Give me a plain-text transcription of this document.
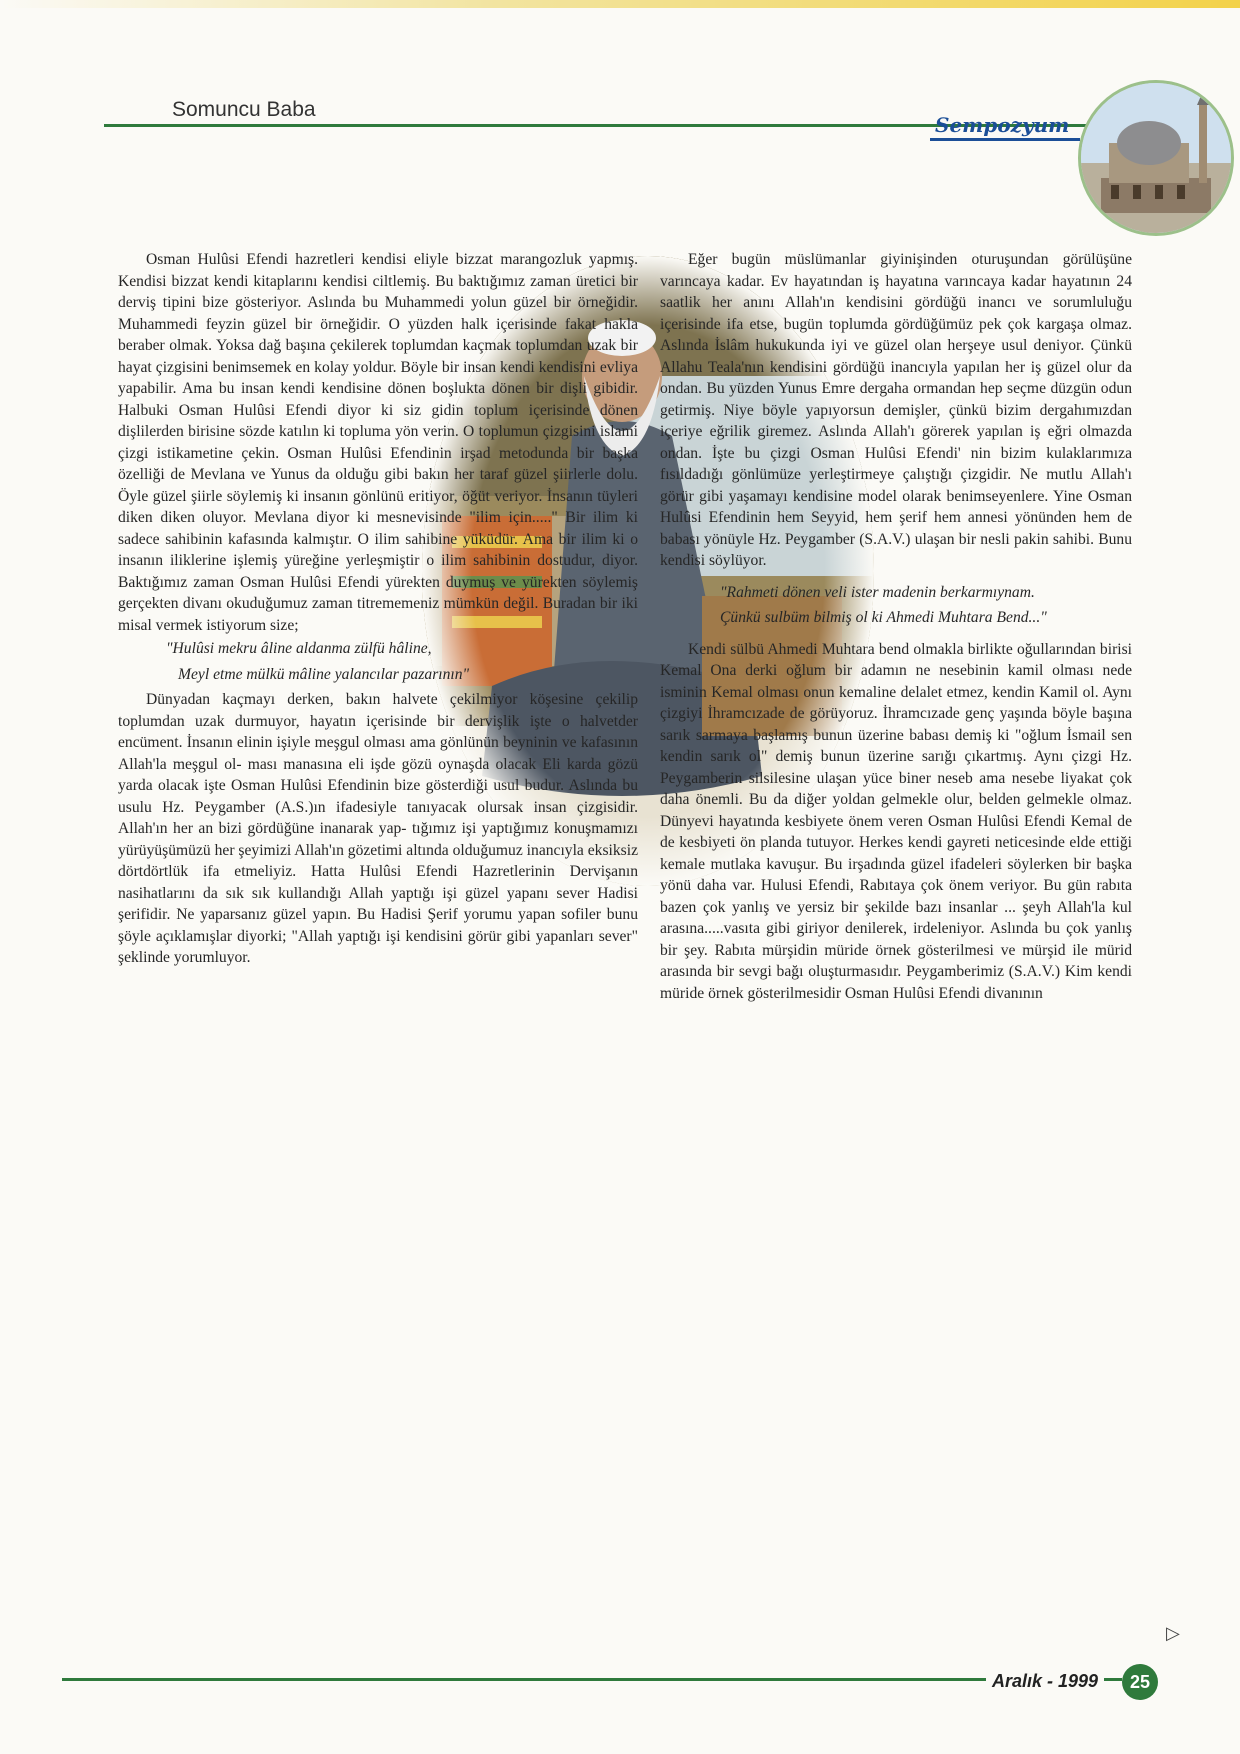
Somuncu Baba
Sempozyum

Osman Hulûsi Efendi hazretleri kendisi eliyle bizzat marangozluk yapmış. Kendisi bizzat kendi kitaplarını kendisi ciltlemiş. Bu baktığımız zaman üretici bir derviş tipini bize gösteriyor. Aslında bu Muhammedi yolun güzel bir örneğidir. Muhammedi feyzin güzel bir örneğidir. O yüzden halk içerisinde fakat hakla beraber olmak. Yoksa dağ başına çekilerek toplumdan kaçmak toplumdan uzak bir hayat çizgisini benimsemek en kolay yoldur. Böyle bir insan kendi kendisini evliya yapabilir. Ama bu insan kendi kendisine dönen boşlukta dönen bir dişli gibidir. Halbuki Osman Hulûsi Efendi diyor ki siz gidin toplum içerisinde dönen dişlilerden birisine sözde katılın ki topluma yön verin. O toplumun çizgisini islami çizgi istikametine çekin. Osman Hulûsi Efendinin irşad metodunda bir başka özelliği de Mevlana ve Yunus da olduğu gibi bakın her taraf güzel şiirlerle dolu. Öyle güzel şiirle söylemiş ki insanın gönlünü eritiyor, öğüt veriyor. İnsanın tüyleri diken diken oluyor. Mevlana diyor ki mesnevisinde "ilim için....." Bir ilim ki sadece sahibinin kafasında kalmıştır. O ilim sahibine yüküdür. Ama bir ilim ki o insanın iliklerine işlemiş yüreğine yerleşmiştir o ilim sahibinin dostudur, diyor. Baktığımız zaman Osman Hulûsi Efendi yürekten duymuş ve yürekten söylemiş gerçekten divanı okuduğumuz zaman titrememeniz mümkün değil. Buradan bir iki misal vermek istiyorum size;

"Hulûsi mekru âline aldanma zülfü hâline,

Meyl etme mülkü mâline yalancılar pazarının"

Dünyadan kaçmayı derken, bakın halvete çekilmiyor köşesine çekilip toplumdan uzak durmuyor, hayatın içerisinde bir dervişlik işte o halvetder encüment. İnsanın elinin işiyle meşgul olması ama gönlünün beyninin ve kafasının Allah'la meşgul ol- ması manasına eli işde gözü oynaşda olacak Eli karda gözü yarda olacak işte Osman Hulûsi Efendinin bize gösterdiği usul budur. Aslında bu usulu Hz. Peygamber (A.S.)ın ifadesiyle tanıyacak olursak insan çizgisidir. Allah'ın her an bizi gördüğüne inanarak yap- tığımız işi yaptığımız konuşmamızı yürüyüşümüzü her şeyimizi Allah'ın gözetimi altında olduğumuz inancıyla eksiksiz dörtdörtlük ifa etmeliyiz. Hatta Hulûsi Efendi Hazretlerinin Dervişanın nasihatlarını da sık sık kullandığı Allah yaptığı işi güzel yapanı sever Hadisi şerifidir. Ne yaparsanız güzel yapın. Bu Hadisi Şerif yorumu yapan sofiler bunu şöyle açıklamışlar diyorki; "Allah yaptığı işi kendisini görür gibi yapanları sever" şeklinde yorumluyor.

Eğer bugün müslümanlar giyinişinden oturuşundan görülüşüne varıncaya kadar. Ev hayatından iş hayatına varıncaya kadar hayatının 24 saatlik her anını Allah'ın kendisini gördüğü inancı ve sorumluluğu içerisinde ifa etse, bugün toplumda gördüğümüz pek çok kargaşa olmaz. Aslında İslâm hukukunda iyi ve güzel olan herşeye usul deniyor. Çünkü Allahu Teala'nın kendisini gördüğü inancıyla yapılan her iş güzel olur da ondan. Bu yüzden Yunus Emre dergaha ormandan hep seçme düzgün odun getirmiş. Niye böyle yapıyorsun demişler, çünkü bizim dergahımızdan içeriye eğrilik giremez. Aslında Allah'ı görerek yapılan iş eğri olmazda ondan. İşte bu çizgi Osman Hulûsi Efendi' nin bizim kulaklarımıza fısıldadığı gönlümüze yerleştirmeye çalıştığı çizgidir. Ne mutlu Allah'ı görür gibi yaşamayı kendisine model olarak benimseyenlere. Yine Osman Hulûsi Efendinin hem Seyyid, hem şerif hem annesi yönünden hem de babası yönüyle Hz. Peygamber (S.A.V.) ulaşan bir nesli pakin sahibi. Bunu kendisi söylüyor.

"Rahmeti dönen veli ister madenin berkarmıynam.

Çünkü sulbüm bilmiş ol ki Ahmedi Muhtara Bend..."

Kendi sülbü Ahmedi Muhtara bend olmakla birlikte oğullarından birisi Kemal Ona derki oğlum bir adamın ne nesebinin kamil olması nede isminin Kemal olması onun kemaline delalet etmez, kendin Kamil ol. Aynı çizgiyi İhramcızade de görüyoruz. İhramcızade genç yaşında böyle başına sarık sarmaya başlamış bunun üzerine babası demiş ki "oğlum İsmail sen kendin sarık ol" demiş bunun üzerine sarığı çıkartmış. Aynı çizgi Hz. Peygamberin silsilesine ulaşan yüce biner neseb ama nesebe liyakat çok daha önemli. Bu da diğer yoldan gelmekle olur, belden gelmekle olmaz. Dünyevi hayatında kesbiyete önem veren Osman Hulûsi Efendi Kemal de de kesbiyeti ön planda tutuyor. Herkes kendi gayreti neticesinde elde ettiği kemale mutlaka kavuşur. Bu irşadında güzel ifadeleri söylerken bir başka yönü daha var. Hulusi Efendi, Rabıtaya çok önem veriyor. Bu gün rabıta bazen çok yanlış ve yersiz bir şekilde bazı insanlar ... şeyh Allah'la kul arasına.....vasıta gibi giriyor denilerek, irdeleniyor. Aslında bu çok yanlış bir şey. Rabıta mürşidin müride örnek gösterilmesi ve mürşid ile mürid arasında bir sevgi bağı oluşturmasıdır. Peygamberimiz (S.A.V.) Kim kendi müride örnek gösterilmesidir Osman Hulûsi Efendi divanının

▷
Aralık - 1999	25
